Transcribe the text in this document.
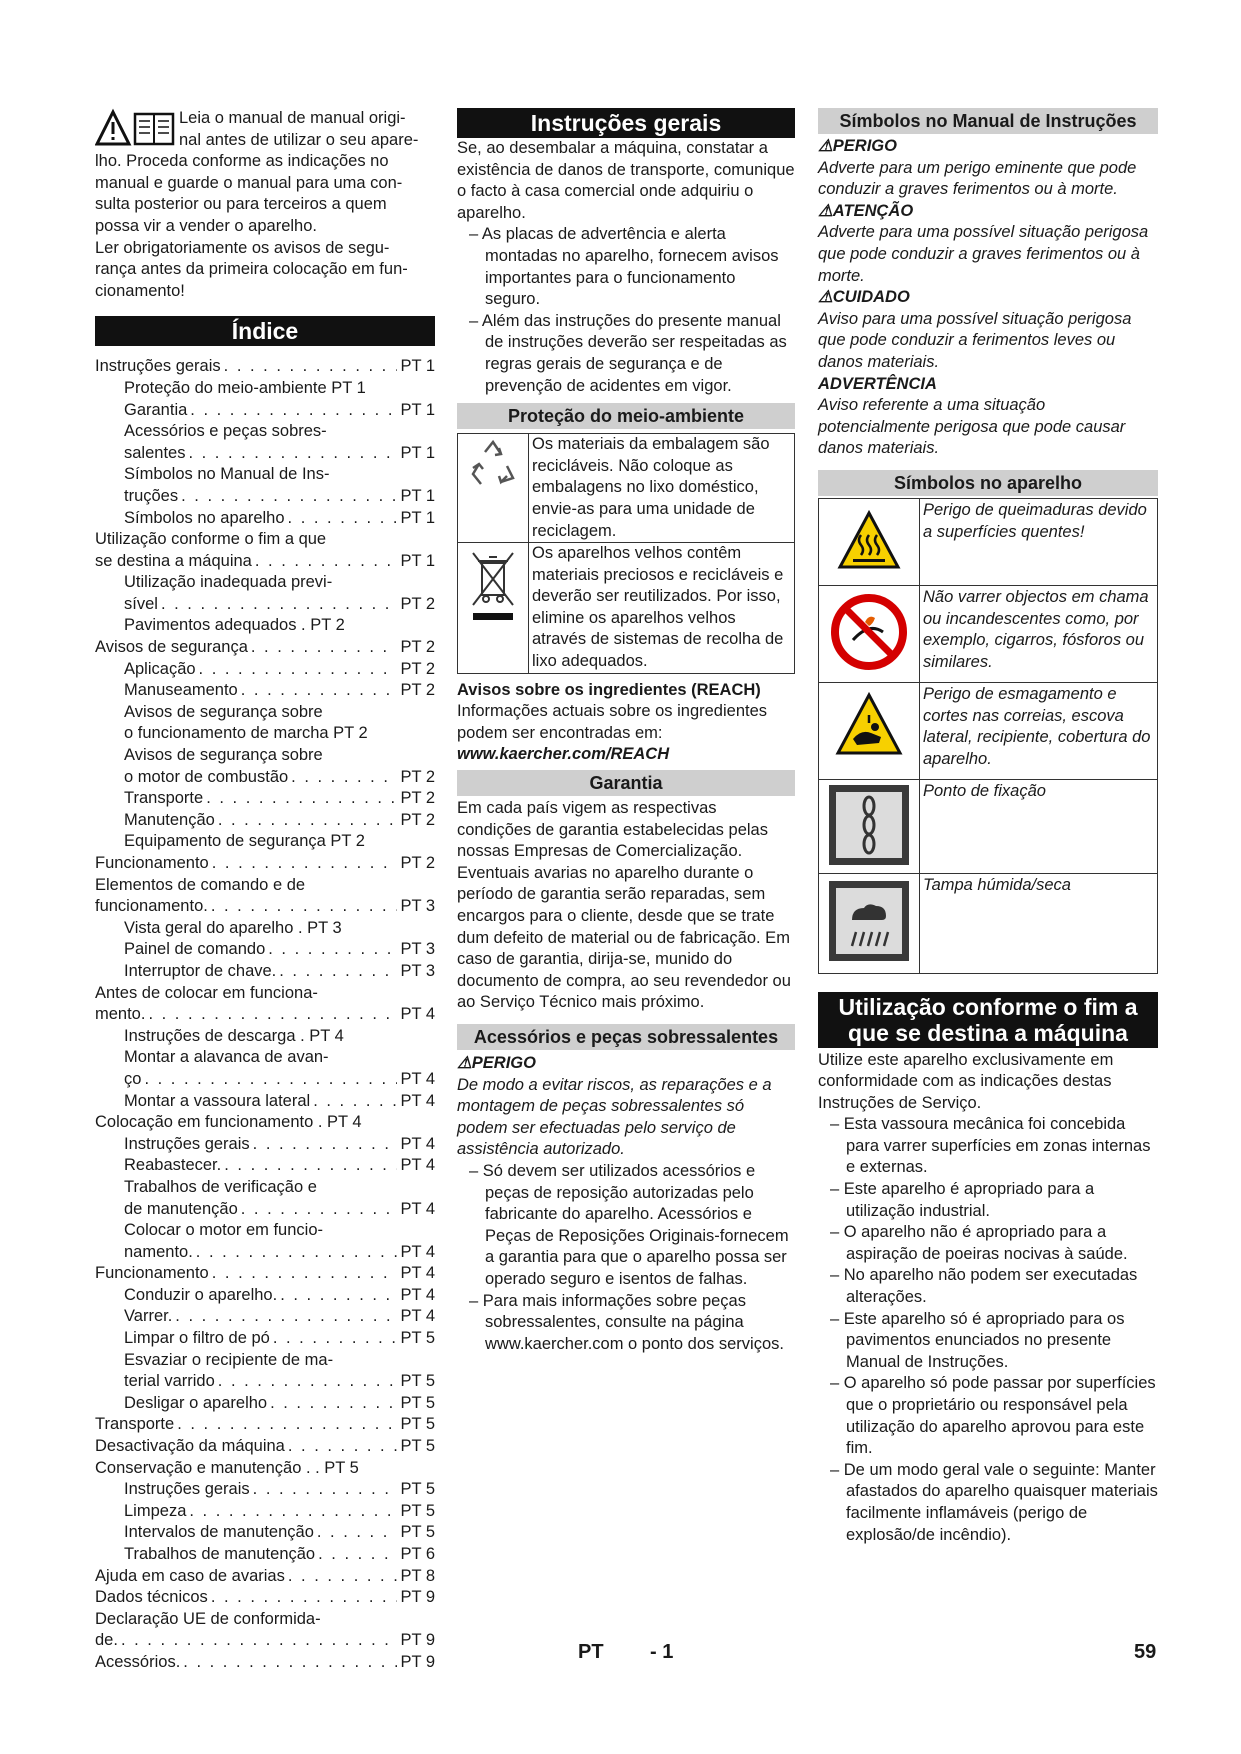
Leia o manual de manual origi-

nal antes de utilizar o seu apare-

lho. Proceda conforme as indicações no

manual e guarde o manual para uma con-

sulta posterior ou para terceiros a quem

possa vir a vender o aparelho.

Ler obrigatoriamente os avisos de segu-

rança antes da primeira colocação em fun-

cionamento!

Índice
Instruções gerais . . .	PT 1
Proteção do meio-ambiente PT 1
Garantia . . .	PT 1
Acessórios e peças sobres-
salentes . . .	PT 1
Símbolos no Manual de Ins-
truções . . .	PT 1
Símbolos no aparelho . . .	PT 1
Utilização conforme o fim a que
se destina a máquina . . .	PT 1
Utilização inadequada previ-
sível . . .	PT 2
Pavimentos adequados . PT 2
Avisos de segurança . . .	PT 2
Aplicação . . .	PT 2
Manuseamento . . .	PT 2
Avisos de segurança sobre
o funcionamento de marcha PT 2
Avisos de segurança sobre
o motor de combustão . . .	PT 2
Transporte . . .	PT 2
Manutenção . . .	PT 2
Equipamento de segurança PT 2
Funcionamento . . .	PT 2
Elementos de comando e de
funcionamento. . . .	PT 3
Vista geral do aparelho . PT 3
Painel de comando . . .	PT 3
Interruptor de chave. . . .	PT 3
Antes de colocar em funciona-
mento. . . .	PT 4
Instruções de descarga . PT 4
Montar a alavanca de avan-
ço . . .	PT 4
Montar a vassoura lateral . . .	PT 4
Colocação em funcionamento . PT 4
Instruções gerais . . .	PT 4
Reabastecer. . . .	PT 4
Trabalhos de verificação e
de manutenção . . .	PT 4
Colocar o motor em funcio-
namento. . . .	PT 4
Funcionamento . . .	PT 4
Conduzir o aparelho. . . .	PT 4
Varrer. . . .	PT 4
Limpar o filtro de pó . . .	PT 5
Esvaziar o recipiente de ma-
terial varrido . . .	PT 5
Desligar o aparelho . . .	PT 5
Transporte . . .	PT 5
Desactivação da máquina . . .	PT 5
Conservação e manutenção . . PT 5
Instruções gerais . . .	PT 5
Limpeza . . .	PT 5
Intervalos de manutenção . . .	PT 5
Trabalhos de manutenção . . .	PT 6
Ajuda em caso de avarias . . .	PT 8
Dados técnicos . . .	PT 9
Declaração UE de conformida-
de. . . .	PT 9
Acessórios. . . .	PT 9
Instruções gerais

Se, ao desembalar a máquina, constatar a existência de danos de transporte, comunique o facto à casa comercial onde adquiriu o aparelho.

– As placas de advertência e alerta montadas no aparelho, fornecem avisos importantes para o funcionamento seguro.
– Além das instruções do presente manual de instruções deverão ser respeitadas as regras gerais de segurança e de prevenção de acidentes em vigor.
Proteção do meio-ambiente
	Os materiais da embalagem são recicláveis. Não coloque as embalagens no lixo doméstico, envie-as para uma unidade de reciclagem.
	Os aparelhos velhos contêm materiais preciosos e recicláveis e deverão ser reutilizados. Por isso, elimine os aparelhos velhos através de sistemas de recolha de lixo adequados.

Avisos sobre os ingredientes (REACH)

Informações actuais sobre os ingredientes podem ser encontradas em:

www.kaercher.com/REACH

Garantia

Em cada país vigem as respectivas condições de garantia estabelecidas pelas nossas Empresas de Comercialização. Eventuais avarias no aparelho durante o período de garantia serão reparadas, sem encargos para o cliente, desde que se trate dum defeito de material ou de fabricação. Em caso de garantia, dirija-se, munido do documento de compra, ao seu revendedor ou ao Serviço Técnico mais próximo.

Acessórios e peças sobressalentes

⚠PERIGO

De modo a evitar riscos, as reparações e a montagem de peças sobressalentes só podem ser efectuadas pelo serviço de assistência autorizado.

– Só devem ser utilizados acessórios e peças de reposição autorizadas pelo fabricante do aparelho. Acessórios e Peças de Reposições Originais-fornecem a garantia para que o aparelho possa ser operado seguro e isentos de falhas.
– Para mais informações sobre peças sobressalentes, consulte na página www.kaercher.com o ponto dos serviços.
Símbolos no Manual de Instruções

⚠PERIGO

Adverte para um perigo eminente que pode conduzir a graves ferimentos ou à morte.

⚠ATENÇÃO

Adverte para uma possível situação perigosa que pode conduzir a graves ferimentos ou à morte.

⚠CUIDADO

Aviso para uma possível situação perigosa que pode conduzir a ferimentos leves ou danos materiais.

ADVERTÊNCIA

Aviso referente a uma situação potencialmente perigosa que pode causar danos materiais.

Símbolos no aparelho
	Perigo de queimaduras devido a superfícies quentes!
	Não varrer objectos em chama ou incandescentes como, por exemplo, cigarros, fósforos ou similares.
	Perigo de esmagamento e cortes nas correias, escova lateral, recipiente, cobertura do aparelho.
	Ponto de fixação
	Tampa húmida/seca
Utilização conforme o fim a
que se destina a máquina

Utilize este aparelho exclusivamente em conformidade com as indicações destas Instruções de Serviço.

– Esta vassoura mecânica foi concebida para varrer superfícies em zonas internas e externas.
– Este aparelho é apropriado para a utilização industrial.
– O aparelho não é apropriado para a aspiração de poeiras nocivas à saúde.
– No aparelho não podem ser executadas alterações.
– Este aparelho só é apropriado para os pavimentos enunciados no presente Manual de Instruções.
– O aparelho só pode passar por superfícies que o proprietário ou responsável pela utilização do aparelho aprovou para este fim.
– De um modo geral vale o seguinte: Manter afastados do aparelho quaisquer materiais facilmente inflamáveis (perigo de explosão/de incêndio).
PT - 1	59
